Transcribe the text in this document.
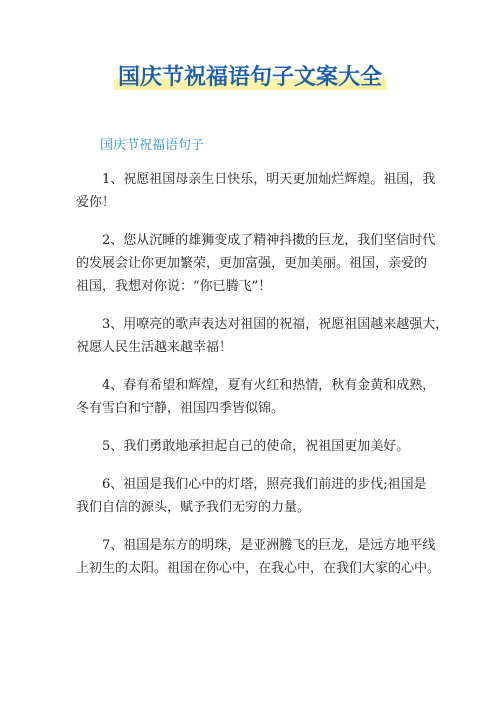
国庆节祝福语句子文案大全
国庆节祝福语句子
1、祝愿祖国母亲生日快乐，明天更加灿烂辉煌。祖国，我
爱你！
2、您从沉睡的雄狮变成了精神抖擞的巨龙，我们坚信时代
的发展会让你更加繁荣，更加富强，更加美丽。祖国，亲爱的
祖国，我想对你说：“你已腾飞”！
3、用嘹亮的歌声表达对祖国的祝福，祝愿祖国越来越强大，
祝愿人民生活越来越幸福！
4、春有希望和辉煌，夏有火红和热情，秋有金黄和成熟，
冬有雪白和宁静，祖国四季皆似锦。
5、我们勇敢地承担起自己的使命，祝祖国更加美好。
6、祖国是我们心中的灯塔，照亮我们前进的步伐;祖国是
我们自信的源头，赋予我们无穷的力量。
7、祖国是东方的明珠，是亚洲腾飞的巨龙，是远方地平线
上初生的太阳。祖国在你心中，在我心中，在我们大家的心中。
